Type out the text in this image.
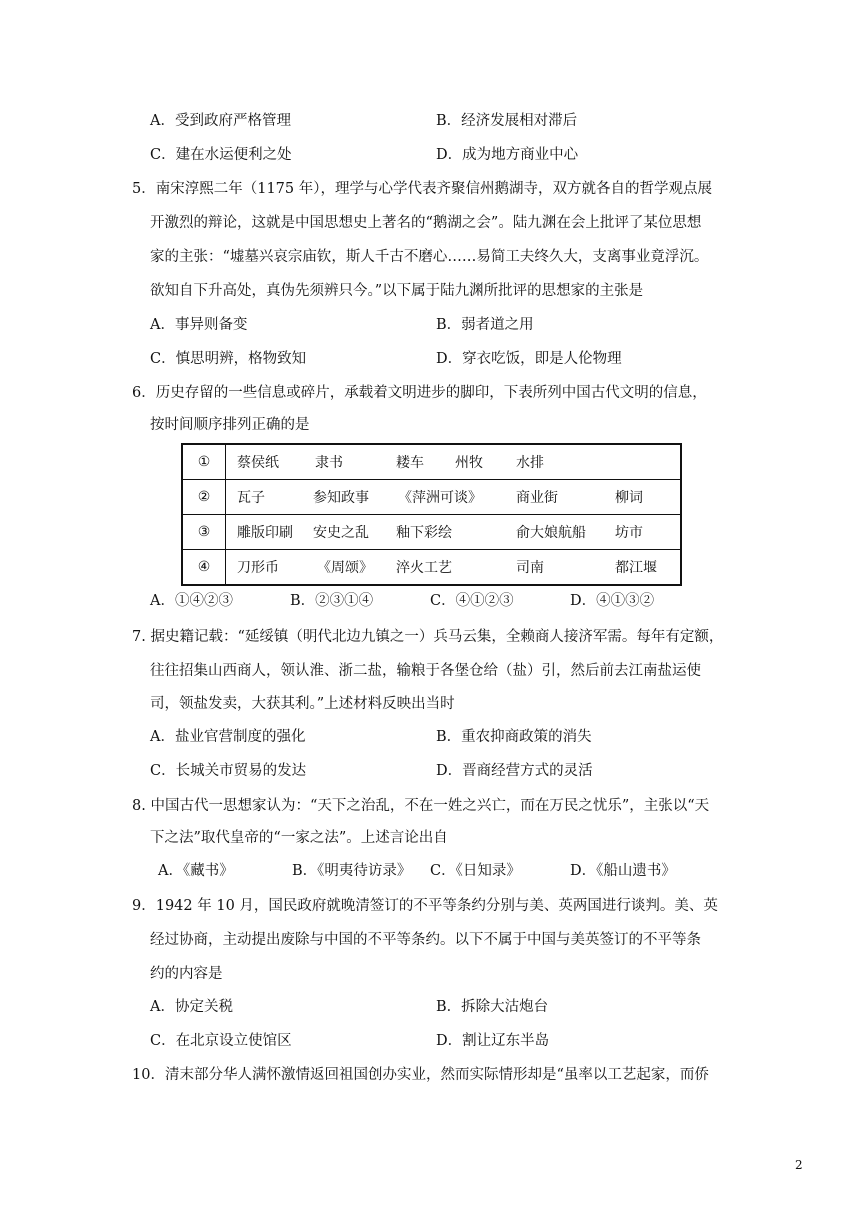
A．受到政府严格管理	B．经济发展相对滞后
C．建在水运便利之处	D．成为地方商业中心
5．南宋淳熙二年（1175 年），理学与心学代表齐聚信州鹅湖寺，双方就各自的哲学观点展
开激烈的辩论，这就是中国思想史上著名的“鹅湖之会”。陆九渊在会上批评了某位思想
家的主张：“墟墓兴哀宗庙钦，斯人千古不磨心……易简工夫终久大，支离事业竟浮沉。
欲知自下升高处，真伪先须辨只今。”以下属于陆九渊所批评的思想家的主张是
A．事异则备变	B．弱者道之用
C．慎思明辨，格物致知	D．穿衣吃饭，即是人伦物理
6．历史存留的一些信息或碎片，承载着文明进步的脚印，下表所列中国古代文明的信息，
按时间顺序排列正确的是
①	蔡侯纸 隶书 耧车 州牧 水排

②	瓦子 参知政事 《萍洲可谈》 商业街 柳词

③	雕版印刷 安史之乱 釉下彩绘 俞大娘航船 坊市

④	刀形币 《周颂》 淬火工艺 司南 都江堰
A．①④②③	B．②③①④	C．④①②③	D．④①③②
7. 据史籍记载：“延绥镇（明代北边九镇之一）兵马云集，全赖商人接济军需。每年有定额，
往往招集山西商人，领认淮、浙二盐，输粮于各堡仓给（盐）引，然后前去江南盐运使
司，领盐发卖，大获其利。”上述材料反映出当时
A．盐业官营制度的强化	B．重农抑商政策的消失
C．长城关市贸易的发达	D．晋商经营方式的灵活
8. 中国古代一思想家认为：“天下之治乱，不在一姓之兴亡，而在万民之忧乐”，主张以“天
下之法”取代皇帝的“一家之法”。上述言论出自
A．《藏书》	B．《明夷待访录》 C．《日知录》	D．《船山遗书》
9．1942 年 10 月，国民政府就晚清签订的不平等条约分别与美、英两国进行谈判。美、英
经过协商，主动提出废除与中国的不平等条约。以下不属于中国与美英签订的不平等条
约的内容是
A．协定关税	B．拆除大沽炮台
C．在北京设立使馆区	D．割让辽东半岛
10．清末部分华人满怀激情返回祖国创办实业，然而实际情形却是“虽率以工艺起家，而侨
2
